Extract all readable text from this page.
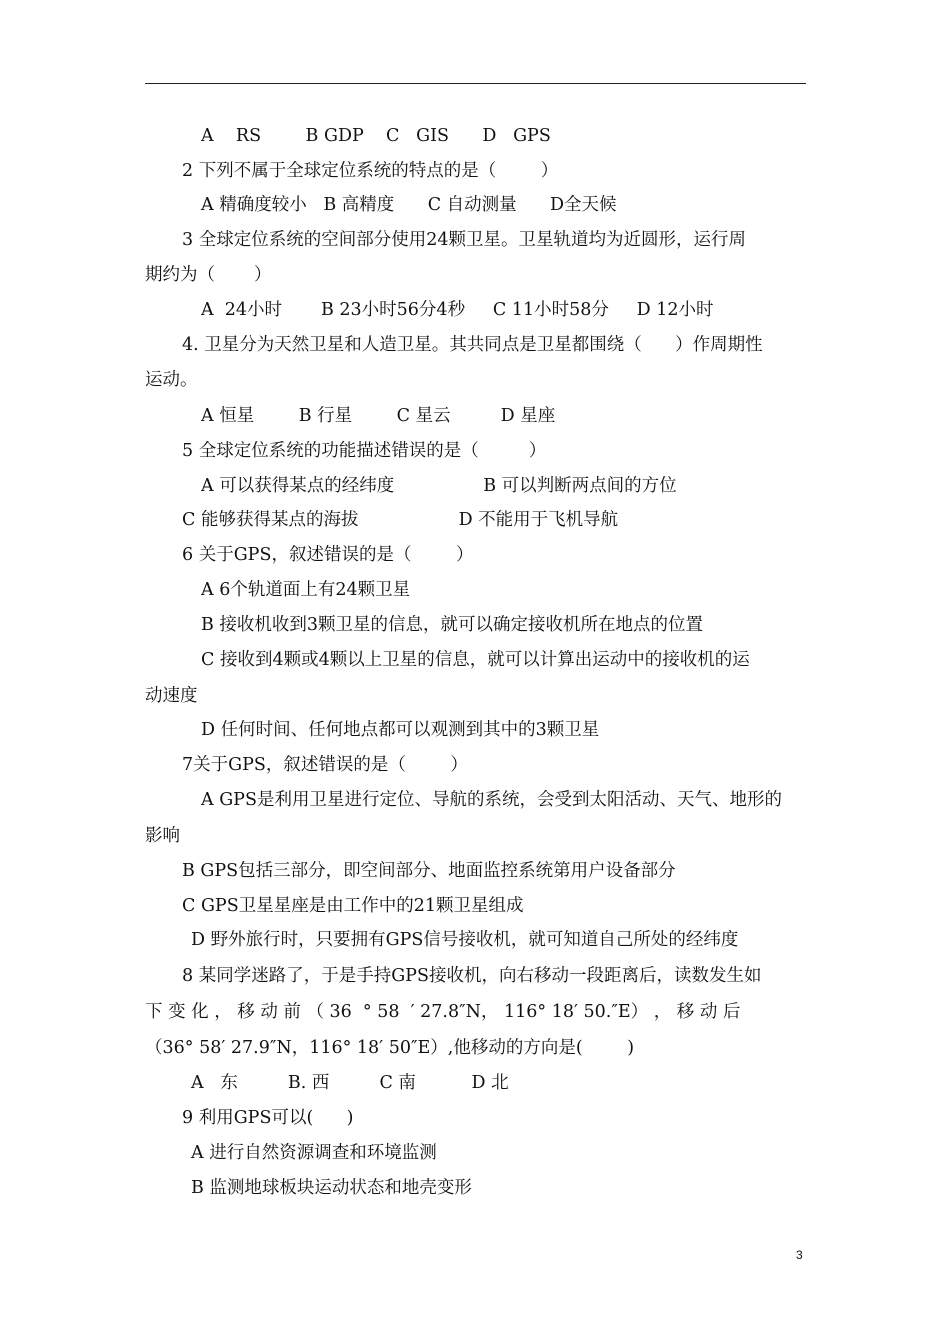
A    RS        B GDP    C   GIS      D   GPS
2 下列不属于全球定位系统的特点的是（        ）
A 精确度较小   B 高精度      C 自动测量      D全天候
3 全球定位系统的空间部分使用24颗卫星。卫星轨道均为近圆形，运行周
期约为（       ）
A  24小时       B 23小时56分4秒     C 11小时58分     D 12小时
4. 卫星分为天然卫星和人造卫星。其共同点是卫星都围绕（      ）作周期性
运动。
A 恒星        B 行星        C 星云         D 星座
5 全球定位系统的功能描述错误的是（         ）
A 可以获得某点的经纬度                B 可以判断两点间的方位
C 能够获得某点的海拔                  D 不能用于飞机导航
6 关于GPS，叙述错误的是（        ）
A 6个轨道面上有24颗卫星
B 接收机收到3颗卫星的信息，就可以确定接收机所在地点的位置
C 接收到4颗或4颗以上卫星的信息，就可以计算出运动中的接收机的运
动速度
D 任何时间、任何地点都可以观测到其中的3颗卫星
7关于GPS，叙述错误的是（        ）
A GPS是利用卫星进行定位、导航的系统，会受到太阳活动、天气、地形的
影响
B GPS包括三部分，即空间部分、地面监控系统第用户设备部分
C GPS卫星星座是由工作中的21颗卫星组成
D 野外旅行时，只要拥有GPS信号接收机，就可知道自己所处的经纬度
8 某同学迷路了，于是手持GPS接收机，向右移动一段距离后，读数发生如
下 变 化 ， 移 动 前 （ 36  ° 58  ′ 27.8″N， 116° 18′ 50.″E） ， 移 动 后
（36° 58′ 27.9″N，116° 18′ 50″E）,他移动的方向是(        )
A   东         B. 西         C 南          D 北
9 利用GPS可以(      )
A 进行自然资源调查和环境监测
B 监测地球板块运动状态和地壳变形
3
